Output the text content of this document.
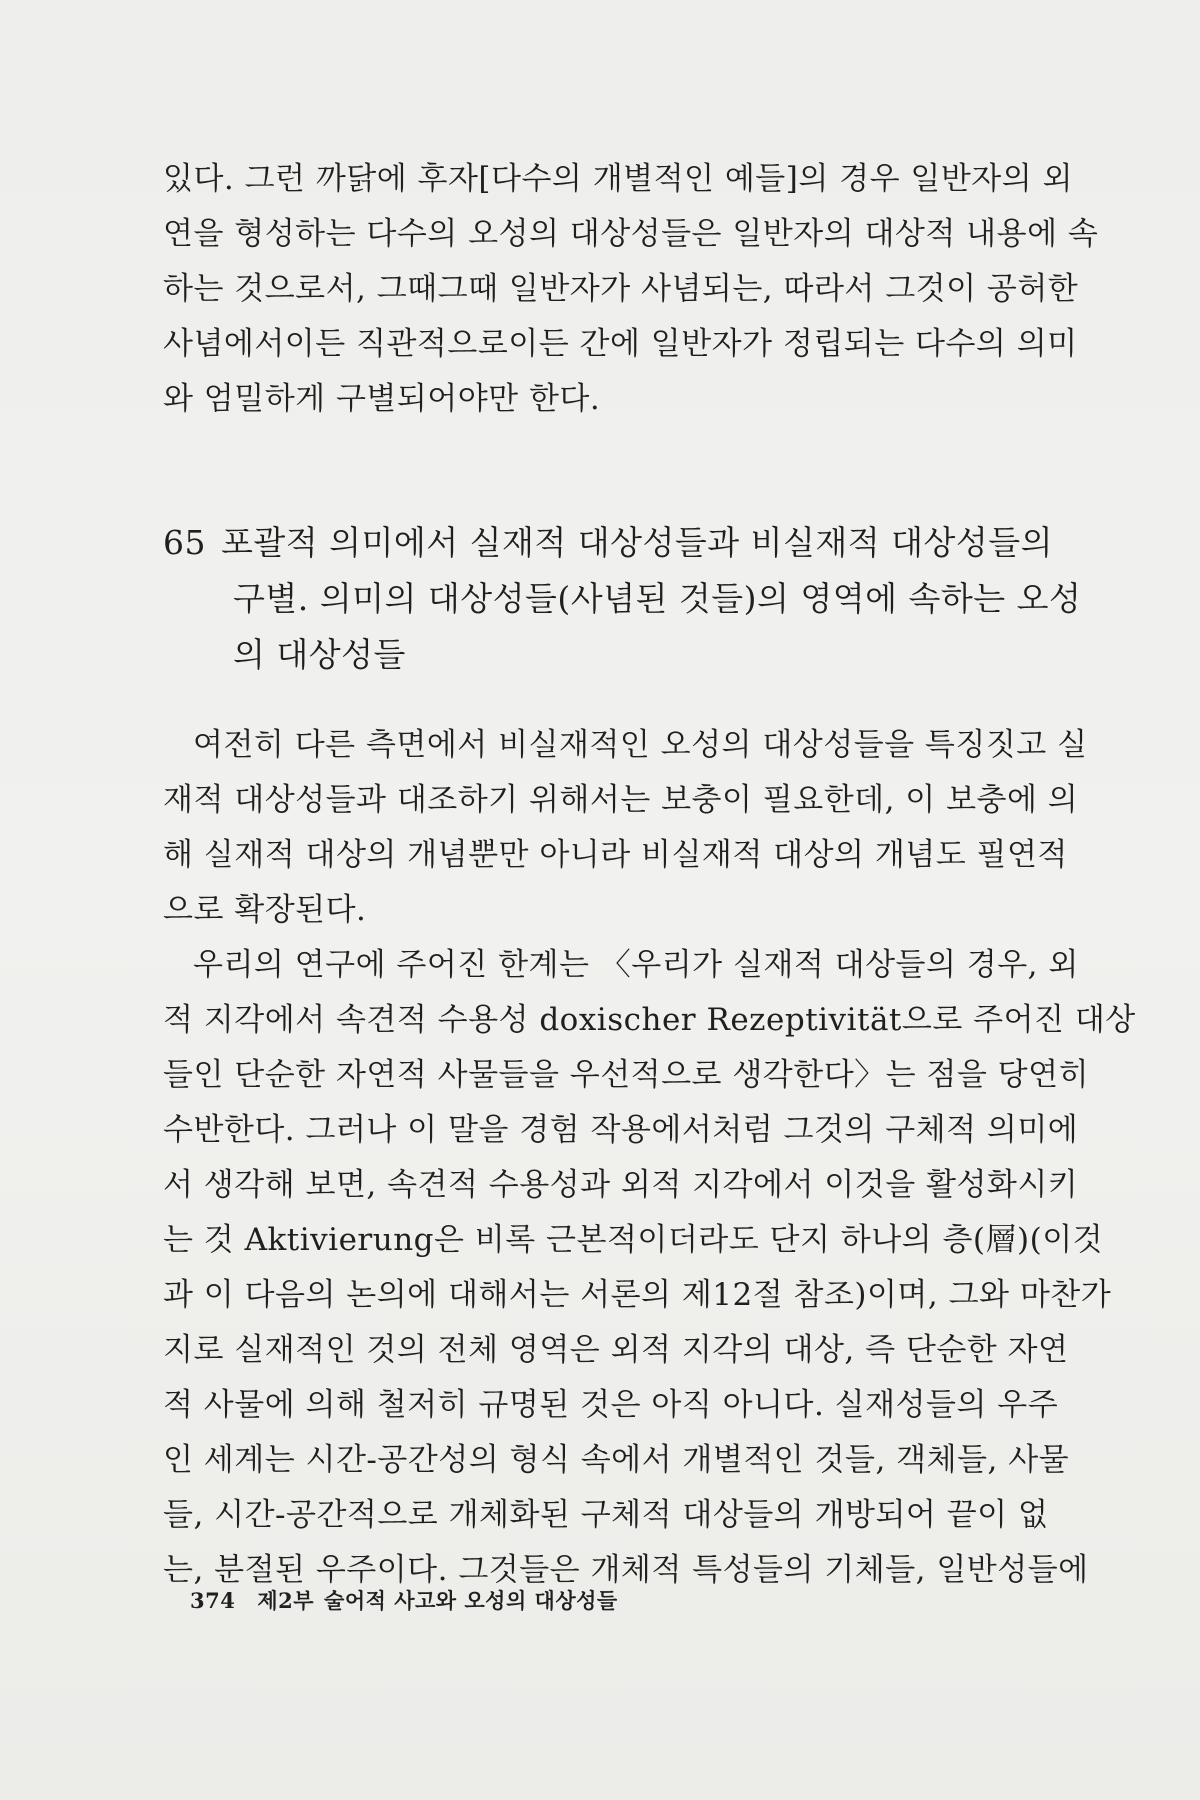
있다. 그런 까닭에 후자[다수의 개별적인 예들]의 경우 일반자의 외
연을 형성하는 다수의 오성의 대상성들은 일반자의 대상적 내용에 속
하는 것으로서, 그때그때 일반자가 사념되는, 따라서 그것이 공허한
사념에서이든 직관적으로이든 간에 일반자가 정립되는 다수의 의미
와 엄밀하게 구별되어야만 한다.
65 포괄적 의미에서 실재적 대상성들과 비실재적 대상성들의
구별. 의미의 대상성들(사념된 것들)의 영역에 속하는 오성
의 대상성들
여전히 다른 측면에서 비실재적인 오성의 대상성들을 특징짓고 실
재적 대상성들과 대조하기 위해서는 보충이 필요한데, 이 보충에 의
해 실재적 대상의 개념뿐만 아니라 비실재적 대상의 개념도 필연적
으로 확장된다.
우리의 연구에 주어진 한계는 〈우리가 실재적 대상들의 경우, 외
적 지각에서 속견적 수용성 doxischer Rezeptivität으로 주어진 대상
들인 단순한 자연적 사물들을 우선적으로 생각한다〉는 점을 당연히
수반한다. 그러나 이 말을 경험 작용에서처럼 그것의 구체적 의미에
서 생각해 보면, 속견적 수용성과 외적 지각에서 이것을 활성화시키
는 것 Aktivierung은 비록 근본적이더라도 단지 하나의 층(層)(이것
과 이 다음의 논의에 대해서는 서론의 제12절 참조)이며, 그와 마찬가
지로 실재적인 것의 전체 영역은 외적 지각의 대상, 즉 단순한 자연
적 사물에 의해 철저히 규명된 것은 아직 아니다. 실재성들의 우주
인 세계는 시간-공간성의 형식 속에서 개별적인 것들, 객체들, 사물
들, 시간-공간적으로 개체화된 구체적 대상들의 개방되어 끝이 없
는, 분절된 우주이다. 그것들은 개체적 특성들의 기체들, 일반성들에
374 제2부 술어적 사고와 오성의 대상성들
